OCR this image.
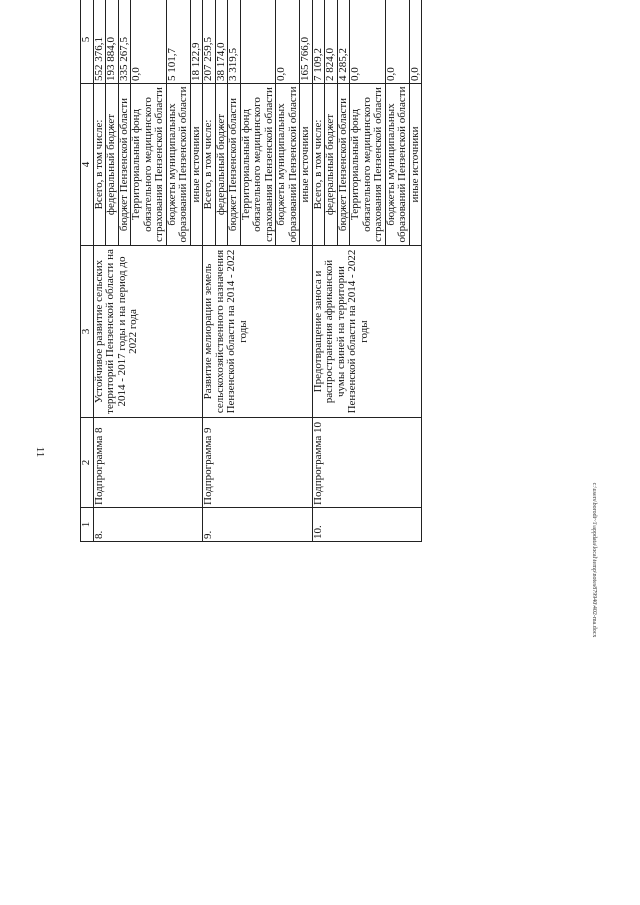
11
1	2	3	4	5			
8.	Подпрограмма 8	Устойчивое развитие сельских территорий Пензенской области на 2014 - 2017 годы и на период до 2022 года	Всего, в том числе:	552 376,1			
			федеральный бюджет	193 884,0			
			бюджет Пензенской области	335 267,5			
			Территориальный фонд обязательного медицинского страхования Пензенской области	0,0			
			бюджеты муниципальных образований Пензенской области	5 101,7			
			иные источники	18 122,9			
9.	Подпрограмма 9	Развитие мелиорации земель сельскохозяйственного назначения Пензенской области на 2014 - 2022 годы	Всего, в том числе:	207 259,5			
			федеральный бюджет	38 174,0			
			бюджет Пензенской области	3 319,5			
			Территориальный фонд обязательного медицинского страхования Пензенской области				
			бюджеты муниципальных образований Пензенской области	0,0			
			иные источники	165 766,0			
10.	Подпрограмма 10	Предотвращение заноса и распространения африканской чумы свиней на территории Пензенской области на 2014 - 2022 годы	Всего, в том числе:	7 109,2			
			федеральный бюджет	2 824,0			
			бюджет Пензенской области	4 285,2			
			Территориальный фонд обязательного медицинского страхования Пензенской области	0,0			
			бюджеты муниципальных образований Пензенской области	0,0			
			иные источники	0,0			
c:\users\borodi~1\appdata\local\temp\notes879940\402-ma.docx
